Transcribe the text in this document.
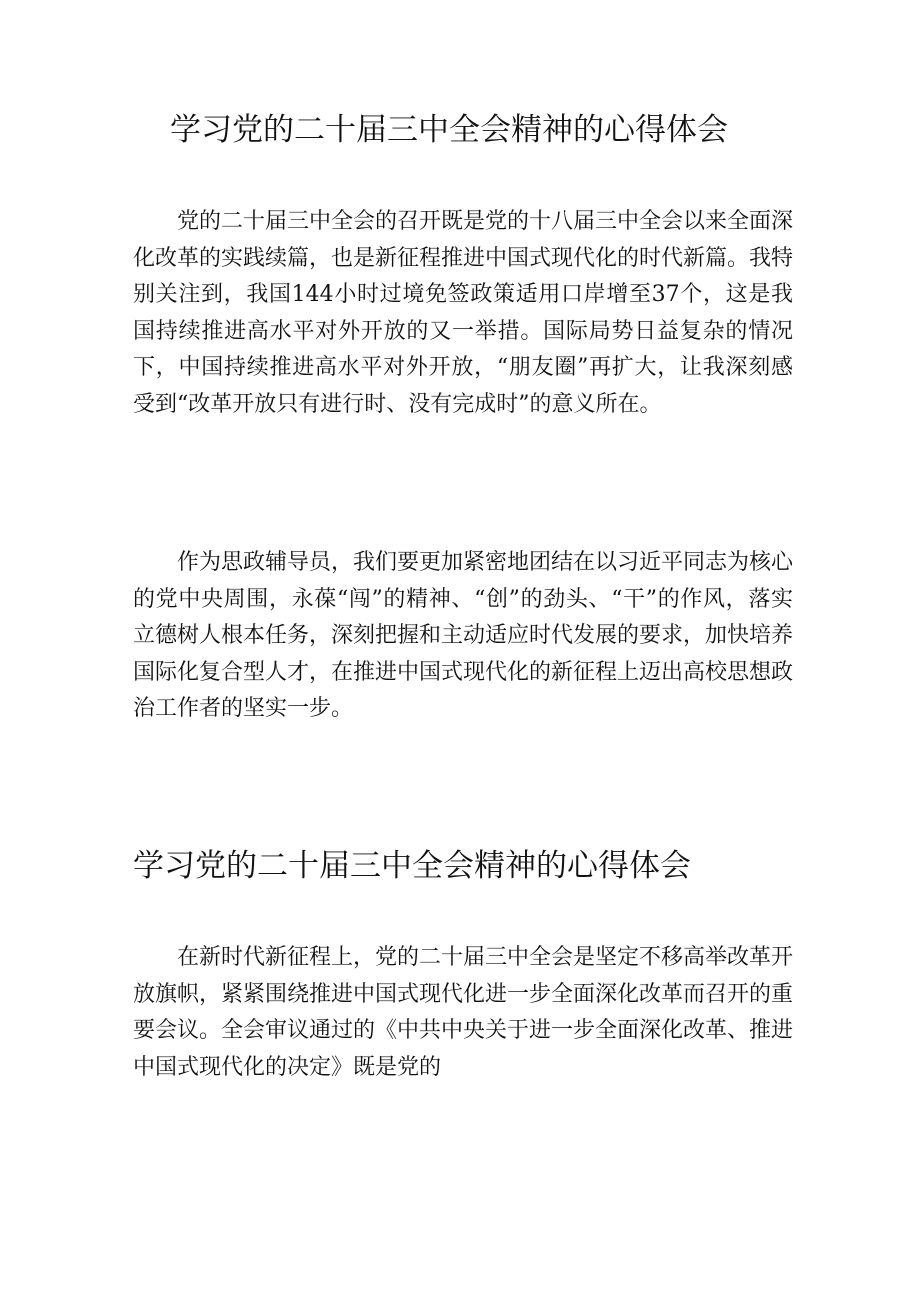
学习党的二十届三中全会精神的心得体会

党的二十届三中全会的召开既是党的十八届三中全会以来全面深化改革的实践续篇，也是新征程推进中国式现代化的时代新篇。我特别关注到，我国144小时过境免签政策适用口岸增至37个，这是我国持续推进高水平对外开放的又一举措。国际局势日益复杂的情况下，中国持续推进高水平对外开放，“朋友圈”再扩大，让我深刻感受到“改革开放只有进行时、没有完成时”的意义所在。

作为思政辅导员，我们要更加紧密地团结在以习近平同志为核心的党中央周围，永葆“闯”的精神、“创”的劲头、“干”的作风，落实立德树人根本任务，深刻把握和主动适应时代发展的要求，加快培养国际化复合型人才，在推进中国式现代化的新征程上迈出高校思想政治工作者的坚实一步。

学习党的二十届三中全会精神的心得体会

在新时代新征程上，党的二十届三中全会是坚定不移高举改革开放旗帜，紧紧围绕推进中国式现代化进一步全面深化改革而召开的重要会议。全会审议通过的《中共中央关于进一步全面深化改革、推进中国式现代化的决定》既是党的
